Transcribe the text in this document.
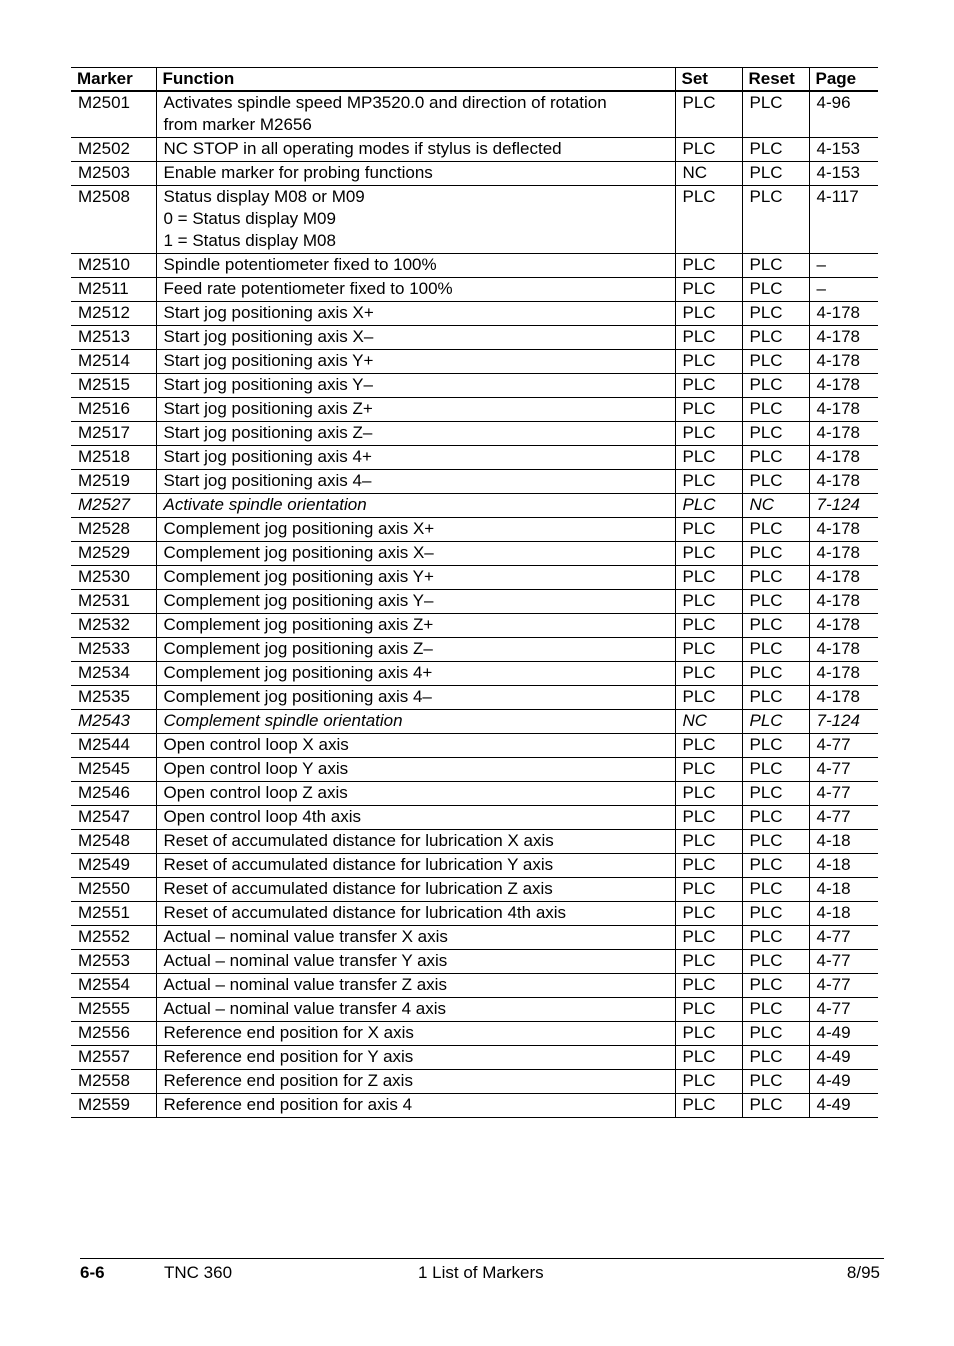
Marker	Function	Set	Reset	Page
M2501	Activates spindle speed MP3520.0 and direction of rotation
from marker M2656	PLC	PLC	4-96
M2502	NC STOP in all operating modes if stylus is deflected	PLC	PLC	4-153
M2503	Enable marker for probing functions	NC	PLC	4-153
M2508	Status display M08 or M09
0 = Status display M09
1 = Status display M08	PLC	PLC	4-117
M2510	Spindle potentiometer fixed to 100%	PLC	PLC	–
M2511	Feed rate potentiometer fixed to 100%	PLC	PLC	–
M2512	Start jog positioning axis X+	PLC	PLC	4-178
M2513	Start jog positioning axis X–	PLC	PLC	4-178
M2514	Start jog positioning axis Y+	PLC	PLC	4-178
M2515	Start jog positioning axis Y–	PLC	PLC	4-178
M2516	Start jog positioning axis Z+	PLC	PLC	4-178
M2517	Start jog positioning axis Z–	PLC	PLC	4-178
M2518	Start jog positioning axis 4+	PLC	PLC	4-178
M2519	Start jog positioning axis 4–	PLC	PLC	4-178
M2527	Activate spindle orientation	PLC	NC	7-124
M2528	Complement jog positioning axis X+	PLC	PLC	4-178
M2529	Complement jog positioning axis X–	PLC	PLC	4-178
M2530	Complement jog positioning axis Y+	PLC	PLC	4-178
M2531	Complement jog positioning axis Y–	PLC	PLC	4-178
M2532	Complement jog positioning axis Z+	PLC	PLC	4-178
M2533	Complement jog positioning axis Z–	PLC	PLC	4-178
M2534	Complement jog positioning axis 4+	PLC	PLC	4-178
M2535	Complement jog positioning axis 4–	PLC	PLC	4-178
M2543	Complement spindle orientation	NC	PLC	7-124
M2544	Open control loop X axis	PLC	PLC	4-77
M2545	Open control loop Y axis	PLC	PLC	4-77
M2546	Open control loop Z axis	PLC	PLC	4-77
M2547	Open control loop 4th axis	PLC	PLC	4-77
M2548	Reset of accumulated distance for lubrication X axis	PLC	PLC	4-18
M2549	Reset of accumulated distance for lubrication Y axis	PLC	PLC	4-18
M2550	Reset of accumulated distance for lubrication Z axis	PLC	PLC	4-18
M2551	Reset of accumulated distance for lubrication 4th axis	PLC	PLC	4-18
M2552	Actual – nominal value transfer X axis	PLC	PLC	4-77
M2553	Actual – nominal value transfer Y axis	PLC	PLC	4-77
M2554	Actual – nominal value transfer Z axis	PLC	PLC	4-77
M2555	Actual – nominal value transfer 4 axis	PLC	PLC	4-77
M2556	Reference end position for X axis	PLC	PLC	4-49
M2557	Reference end position for Y axis	PLC	PLC	4-49
M2558	Reference end position for Z axis	PLC	PLC	4-49
M2559	Reference end position for axis 4	PLC	PLC	4-49
6-6	TNC 360	1 List of Markers	8/95
